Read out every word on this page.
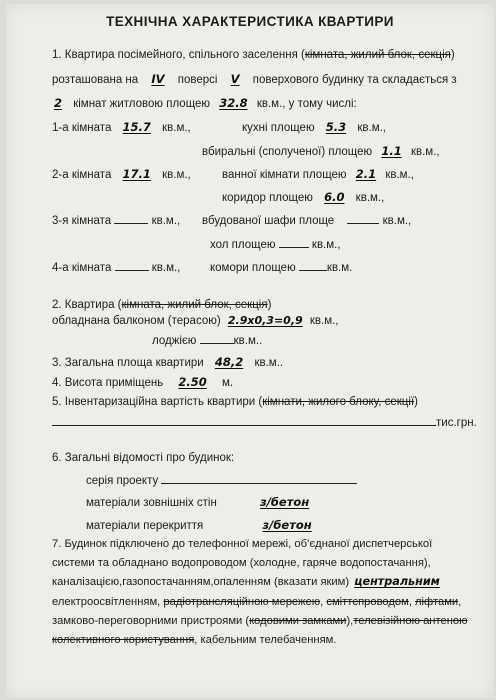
ТЕХНІЧНА ХАРАКТЕРИСТИКА КВАРТИРИ
1. Квартира посімейного, спільного заселення (кімната, жилий блок, секція)
розташована на IV поверсі V поверхового будинку та складається з
2 кімнат житловою площею 32.8 кв.м., у тому числі:
1-а кімната 15.7 кв.м.,	кухні площею 5.3 кв.м.,
вбиральні (сполученої) площею 1.1 кв.м.,
2-а кімната 17.1 кв.м.,	ванної кімнати площею 2.1 кв.м.,
коридор площею 6.0 кв.м.,
3-я кімната	кв.м., вбудованої шафи площе	кв.м.,
хол площею	кв.м.,
4-а кімната	кв.м.,	комори площею	кв.м.
2. Квартира (кімната, жилий блок, секція)
обладнана балконом (терасою) 2.9х0,3=0,9 кв.м.,
лоджією	кв.м..
3. Загальна площа квартири 48,2 кв.м..
4. Висота приміщень 2.50 м.
5. Інвентаризаційна вартість квартири (кімнати, жилого блоку, секції)
тис.грн.
6. Загальні відомості про будинок:
серія проекту
матеріали зовнішніх стін	з/бетон
матеріали перекриття	з/бетон
7. Будинок підключено до телефонної мережі, об’єднаної диспетчерської
системи та обладнано водопроводом (холодне, гаряче водопостачання),
каналізацією,газопостачанням,опаленням (вказати яким) центральним
електроосвітленням, радіотрансляційною мережею, сміттєпроводом, ліфтами,
замково-переговорними пристроями (кодовими замками),телевізійною антеною
колективного користування, кабельним телебаченням.
